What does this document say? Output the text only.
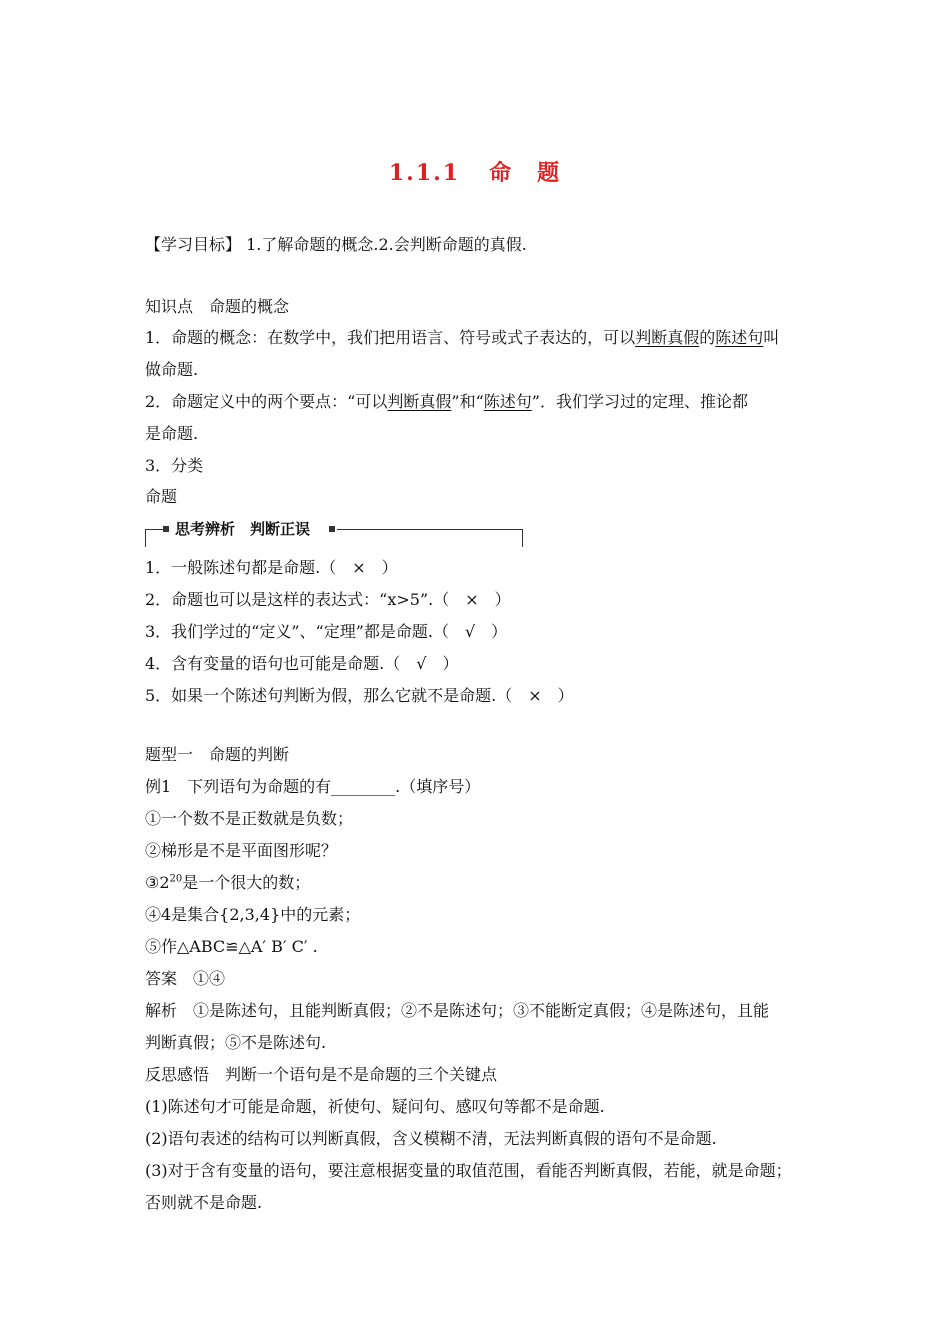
1.1.1 命　题
【学习目标】 1.了解命题的概念.2.会判断命题的真假.
知识点　命题的概念
1．命题的概念：在数学中，我们把用语言、符号或式子表达的，可以判断真假的陈述句叫
做命题.
2．命题定义中的两个要点：“可以判断真假”和“陈述句”．我们学习过的定理、推论都
是命题.
3．分类
命题
思考辨析　判断正误
1．一般陈述句都是命题.（　×　）
2．命题也可以是这样的表达式：“x>5”.（　×　）
3．我们学过的“定义”、“定理”都是命题.（　√　）
4．含有变量的语句也可能是命题.（　√　）
5．如果一个陈述句判断为假，那么它就不是命题.（　×　）
题型一　命题的判断
例1　下列语句为命题的有________.（填序号）
①一个数不是正数就是负数；
②梯形是不是平面图形呢？
$③2^{20}$是一个很大的数；
④4是集合{2,3,4}中的元素；
⑤作△ABC≌△A′ B′ C′ .
答案　①④
解析　①是陈述句，且能判断真假；②不是陈述句；③不能断定真假；④是陈述句，且能
判断真假；⑤不是陈述句.
反思感悟　判断一个语句是不是命题的三个关键点
(1)陈述句才可能是命题，祈使句、疑问句、感叹句等都不是命题.
(2)语句表述的结构可以判断真假，含义模糊不清，无法判断真假的语句不是命题.
(3)对于含有变量的语句，要注意根据变量的取值范围，看能否判断真假，若能，就是命题；
否则就不是命题.
